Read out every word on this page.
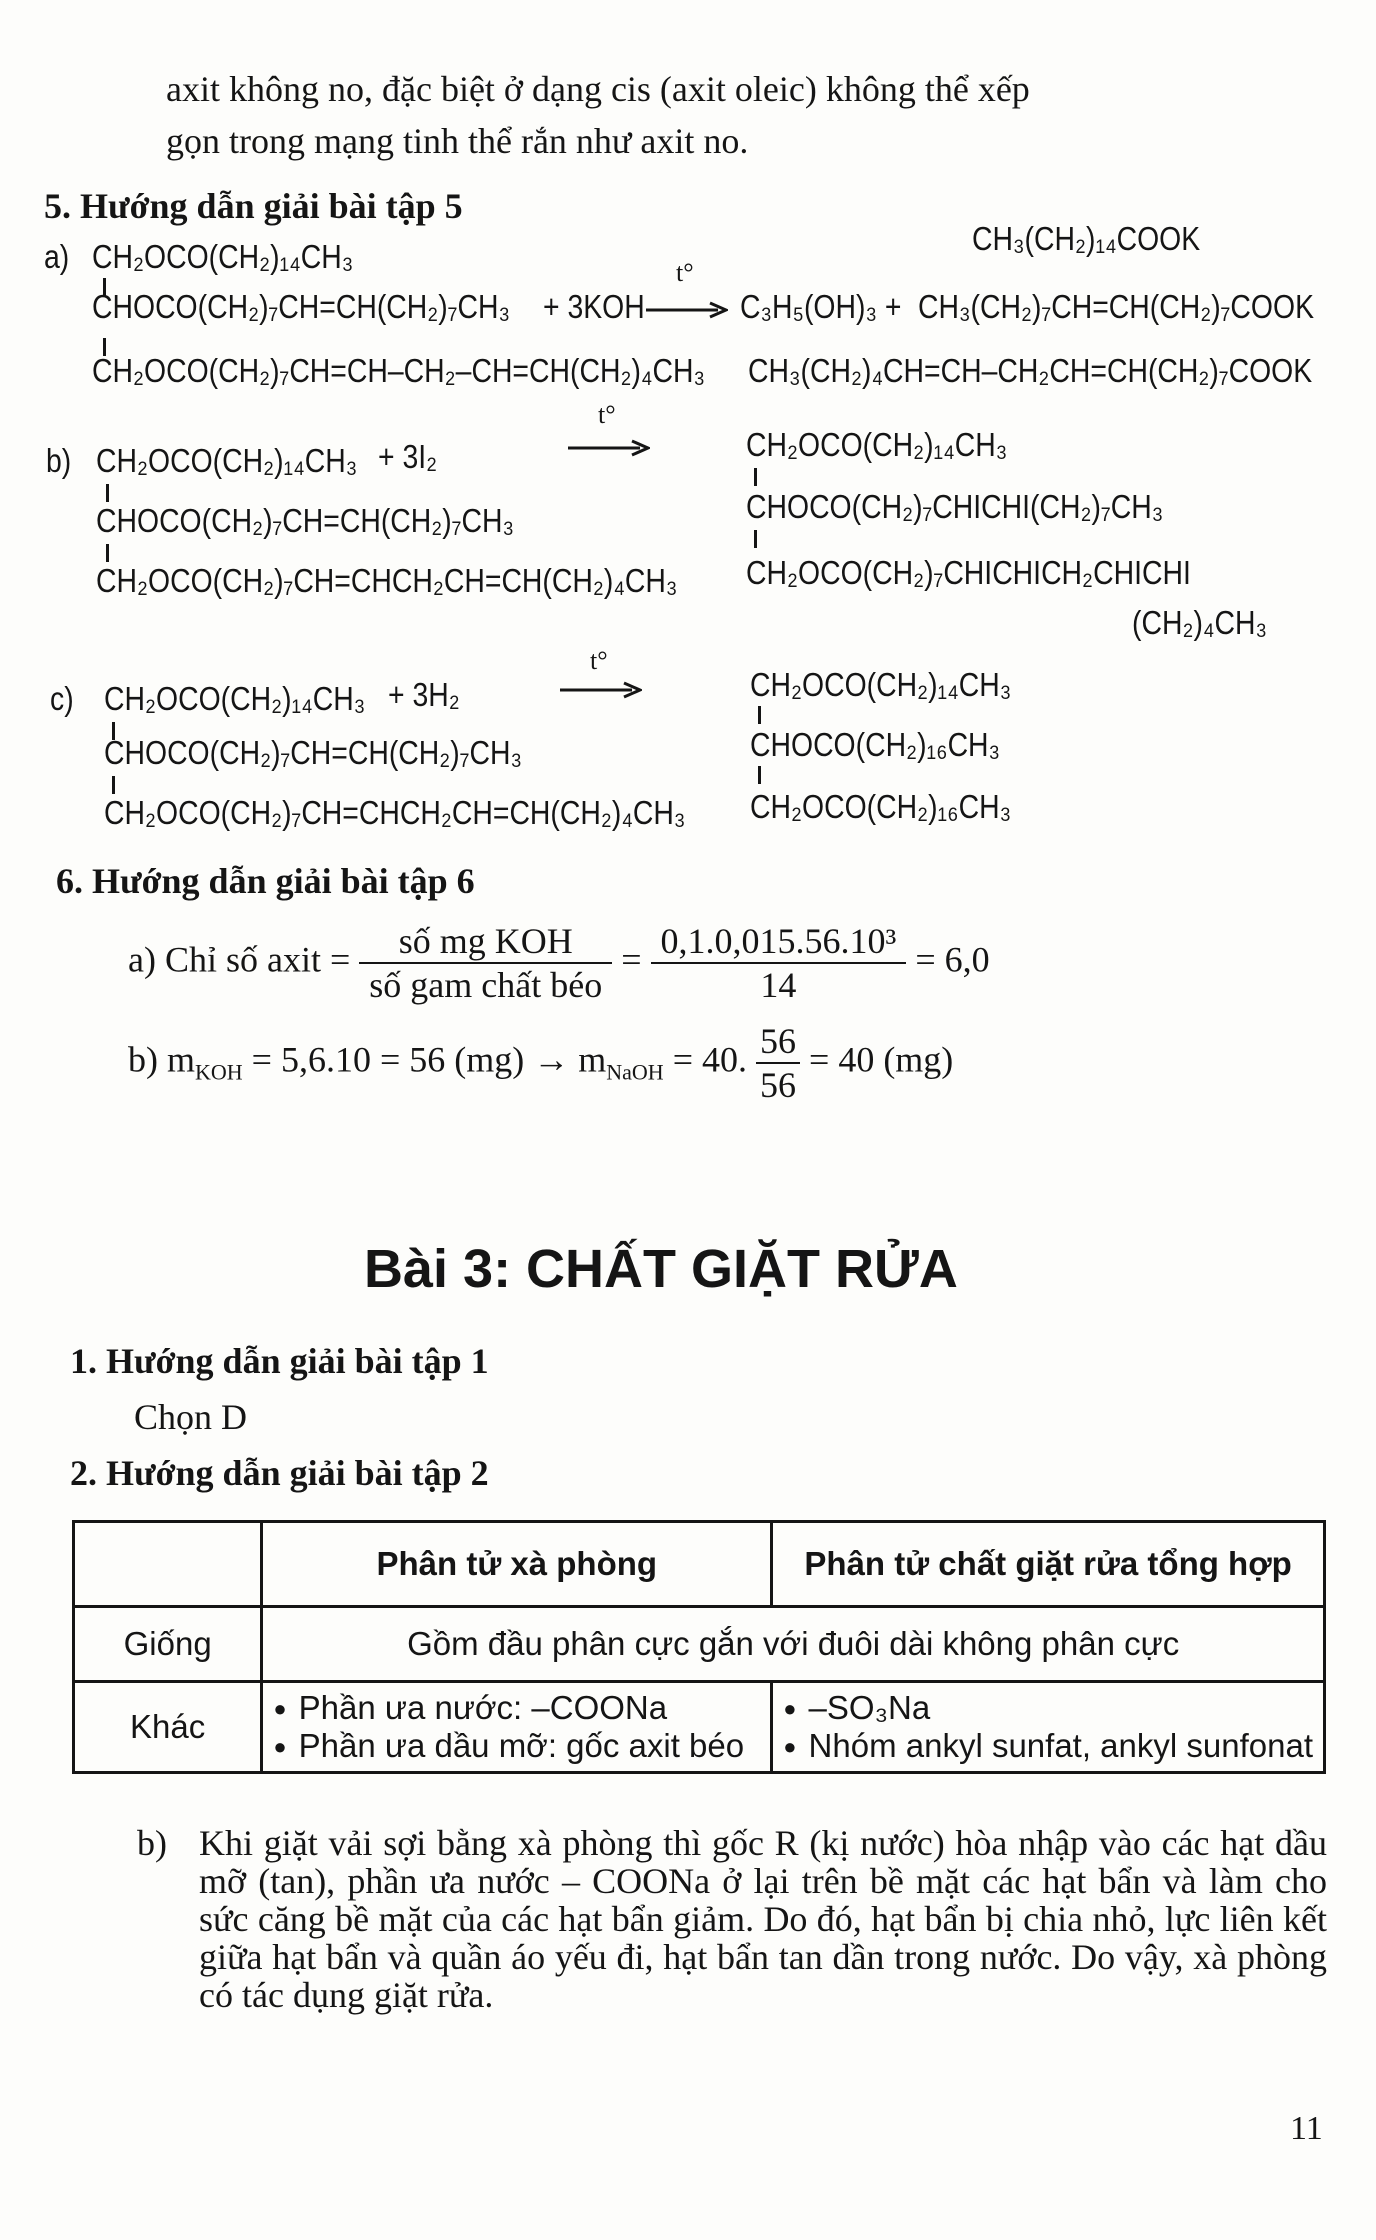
axit không no, đặc biệt ở dạng cis (axit oleic) không thể xếp
gọn trong mạng tinh thể rắn như axit no.
5. Hướng dẫn giải bài tập 5
a) CH₂OCO(CH₂)₁₄CH₃
CHOCO(CH₂)₇CH=CH(CH₂)₇CH₃ + 3KOH
t°
C₃H₅(OH)₃ +
CH₂OCO(CH₂)₇CH=CH–CH₂–CH=CH(CH₂)₄CH₃
CH₃(CH₂)₁₄COOK
CH₃(CH₂)₇CH=CH(CH₂)₇COOK
CH₃(CH₂)₄CH=CH–CH₂CH=CH(CH₂)₇COOK
b) CH₂OCO(CH₂)₁₄CH₃ + 3I₂
t°
CHOCO(CH₂)₇CH=CH(CH₂)₇CH₃
CH₂OCO(CH₂)₇CH=CHCH₂CH=CH(CH₂)₄CH₃
CH₂OCO(CH₂)₁₄CH₃
CHOCO(CH₂)₇CHICHI(CH₂)₇CH₃
CH₂OCO(CH₂)₇CHICHICH₂CHICHI
(CH₂)₄CH₃
c) CH₂OCO(CH₂)₁₄CH₃ + 3H₂
t°
CHOCO(CH₂)₇CH=CH(CH₂)₇CH₃
CH₂OCO(CH₂)₇CH=CHCH₂CH=CH(CH₂)₄CH₃
CH₂OCO(CH₂)₁₄CH₃
CHOCO(CH₂)₁₆CH₃
CH₂OCO(CH₂)₁₆CH₃
6. Hướng dẫn giải bài tập 6
a) Chỉ số axit = $\frac{\text{số mg KOH}}{\text{số gam chất béo}} = \frac{\text{0,1.0,015.56.10³}}{14} = 6,0$
b) $m_{KOH} = 5,6.10 = 56$ $(mg) \to m_{NaOH} = 40$. $\frac{56}{56} = 40$ (mg)
Bài 3: CHẤT GIẶT RỬA
1. Hướng dẫn giải bài tập 1
Chọn D
2. Hướng dẫn giải bài tập 2
	Phân tử xà phòng	Phân tử chất giặt rửa tổng hợp
Giống	Gồm đầu phân cực gắn với đuôi dài không phân cực	
Khác	● Phần ưa nước: –COONa
● Phần ưa dầu mỡ: gốc axit béo	● –SO₃Na
● Nhóm ankyl sunfat, ankyl sunfonat
b) Khi giặt vải sợi bằng xà phòng thì gốc R (kị nước) hòa nhập vào các hạt dầu mỡ (tan), phần ưa nước – COONa ở lại trên bề mặt các hạt bẩn và làm cho sức căng bề mặt của các hạt bẩn giảm. Do đó, hạt bẩn bị chia nhỏ, lực liên kết giữa hạt bẩn và quần áo yếu đi, hạt bẩn tan dần trong nước. Do vậy, xà phòng có tác dụng giặt rửa.
11
